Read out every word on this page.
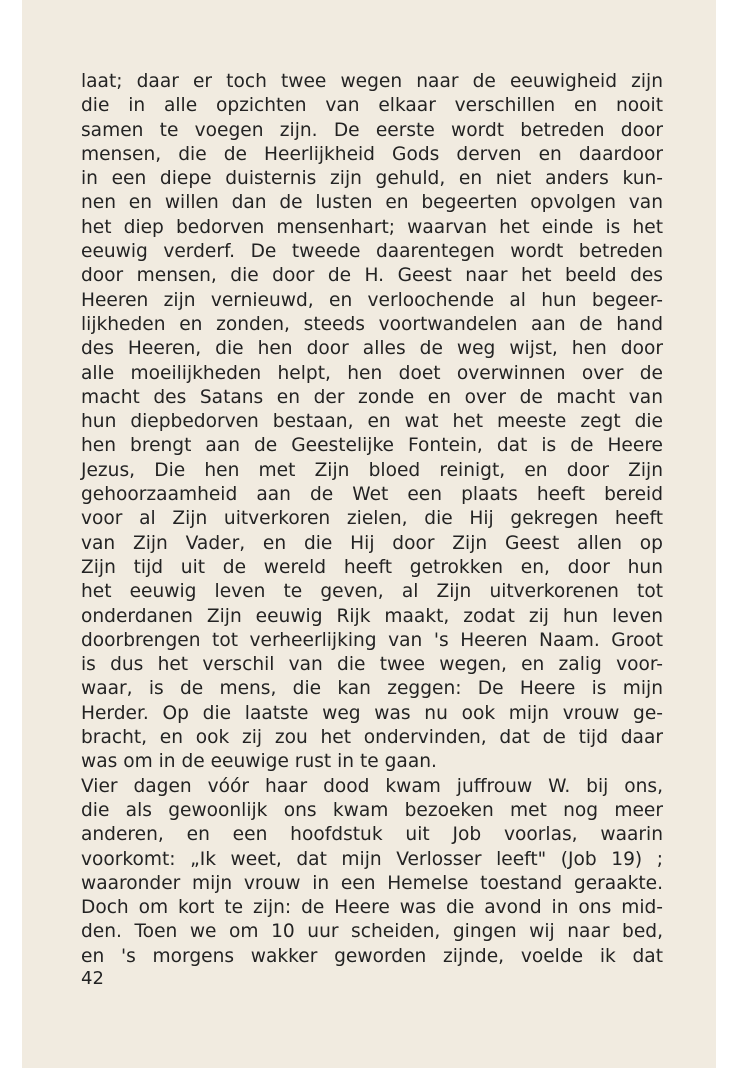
laat; daar er toch twee wegen naar de eeuwigheid zijn
die in alle opzichten van elkaar verschillen en nooit
samen te voegen zijn. De eerste wordt betreden door
mensen, die de Heerlijkheid Gods derven en daardoor
in een diepe duisternis zijn gehuld, en niet anders kun-
nen en willen dan de lusten en begeerten opvolgen van
het diep bedorven mensenhart; waarvan het einde is het
eeuwig verderf. De tweede daarentegen wordt betreden
door mensen, die door de H. Geest naar het beeld des
Heeren zijn vernieuwd, en verloochende al hun begeer-
lijkheden en zonden, steeds voortwandelen aan de hand
des Heeren, die hen door alles de weg wijst, hen door
alle moeilijkheden helpt, hen doet overwinnen over de
macht des Satans en der zonde en over de macht van
hun diepbedorven bestaan, en wat het meeste zegt die
hen brengt aan de Geestelijke Fontein, dat is de Heere
Jezus, Die hen met Zijn bloed reinigt, en door Zijn
gehoorzaamheid aan de Wet een plaats heeft bereid
voor al Zijn uitverkoren zielen, die Hij gekregen heeft
van Zijn Vader, en die Hij door Zijn Geest allen op
Zijn tijd uit de wereld heeft getrokken en, door hun
het eeuwig leven te geven, al Zijn uitverkorenen tot
onderdanen Zijn eeuwig Rijk maakt, zodat zij hun leven
doorbrengen tot verheerlijking van 's Heeren Naam. Groot
is dus het verschil van die twee wegen, en zalig voor-
waar, is de mens, die kan zeggen: De Heere is mijn
Herder. Op die laatste weg was nu ook mijn vrouw ge-
bracht, en ook zij zou het ondervinden, dat de tijd daar
was om in de eeuwige rust in te gaan.
Vier dagen vóór haar dood kwam juffrouw W. bij ons,
die als gewoonlijk ons kwam bezoeken met nog meer
anderen, en een hoofdstuk uit Job voorlas, waarin
voorkomt: „Ik weet, dat mijn Verlosser leeft" (Job 19) ;
waaronder mijn vrouw in een Hemelse toestand geraakte.
Doch om kort te zijn: de Heere was die avond in ons mid-
den. Toen we om 10 uur scheiden, gingen wij naar bed,
en 's morgens wakker geworden zijnde, voelde ik dat
42
